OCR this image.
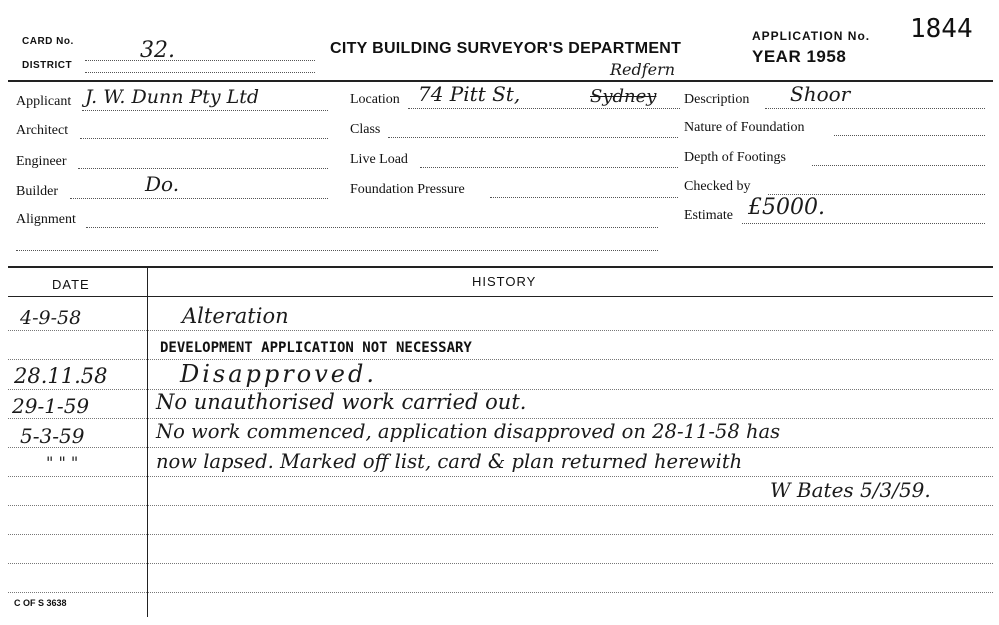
CARD No.	32.
DISTRICT
CITY BUILDING SURVEYOR'S DEPARTMENT
APPLICATION No. 1844
YEAR 1958
Applicant J. W. Dunn Pty Ltd
Architect
Engineer
Builder	Do.
Alignment
Location 74 Pitt St,	Sydney
Redfern
Class
Live Load
Foundation Pressure
Description Shoor
Nature of Foundation
Depth of Footings
Checked by
Estimate £5000.
DATE	HISTORY
4-9-58	Alteration
DEVELOPMENT APPLICATION NOT NECESSARY
28.11.58	Disapproved.
29-1-59	No unauthorised work carried out.
5-3-59	No work commenced, application disapproved on 28-11-58 has
" " "	now lapsed. Marked off list, card & plan returned herewith
W Bates 5/3/59.
C OF S 3638
